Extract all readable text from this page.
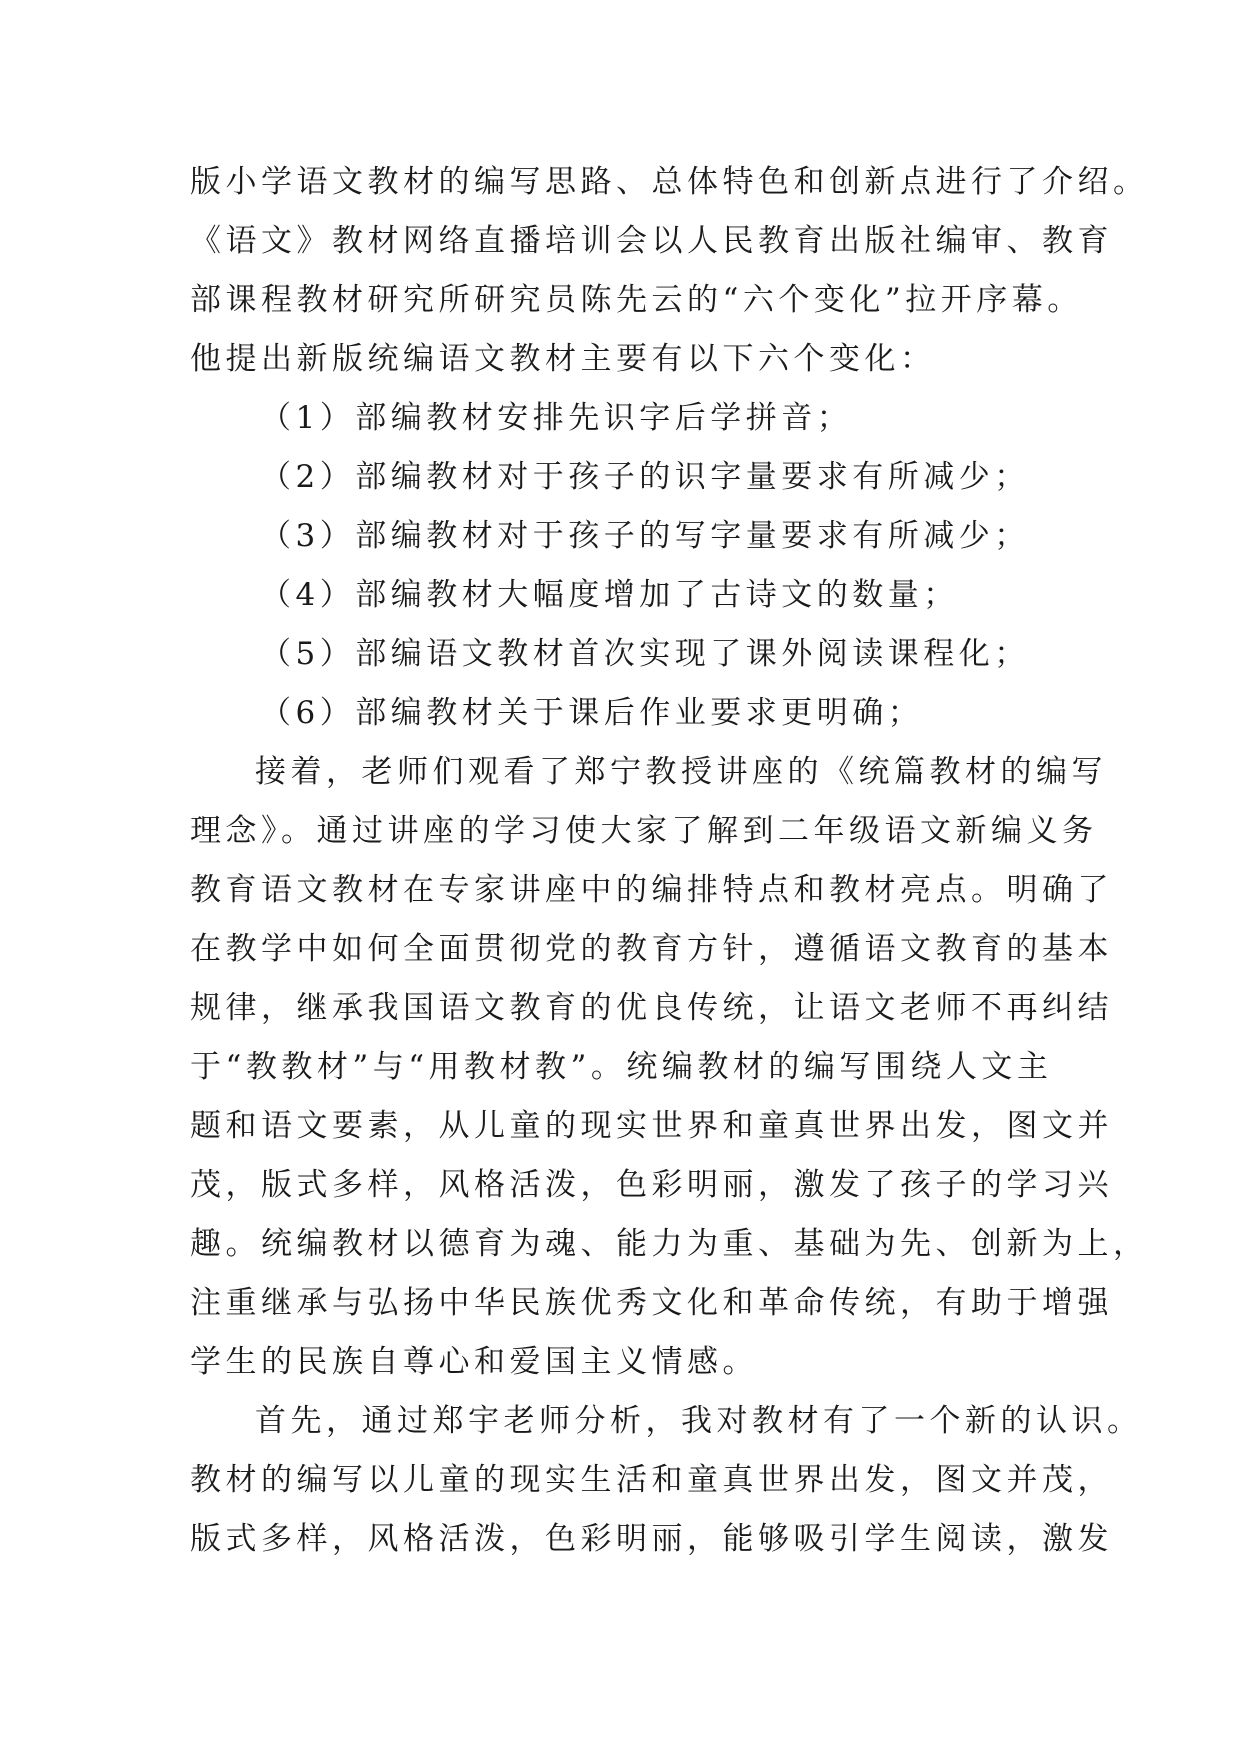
版小学语文教材的编写思路、总体特色和创新点进行了介绍。
《语文》教材网络直播培训会以人民教育出版社编审、教育
部课程教材研究所研究员陈先云的“六个变化”拉开序幕。
他提出新版统编语文教材主要有以下六个变化：
（1）部编教材安排先识字后学拼音；
（2）部编教材对于孩子的识字量要求有所减少；
（3）部编教材对于孩子的写字量要求有所减少；
（4）部编教材大幅度增加了古诗文的数量；
（5）部编语文教材首次实现了课外阅读课程化；
（6）部编教材关于课后作业要求更明确；
接着，老师们观看了郑宁教授讲座的《统篇教材的编写
理念》。通过讲座的学习使大家了解到二年级语文新编义务
教育语文教材在专家讲座中的编排特点和教材亮点。明确了
在教学中如何全面贯彻党的教育方针，遵循语文教育的基本
规律，继承我国语文教育的优良传统，让语文老师不再纠结
于“教教材”与“用教材教”。统编教材的编写围绕人文主
题和语文要素，从儿童的现实世界和童真世界出发，图文并
茂，版式多样，风格活泼，色彩明丽，激发了孩子的学习兴
趣。统编教材以德育为魂、能力为重、基础为先、创新为上，
注重继承与弘扬中华民族优秀文化和革命传统，有助于增强
学生的民族自尊心和爱国主义情感。
首先，通过郑宇老师分析，我对教材有了一个新的认识。
教材的编写以儿童的现实生活和童真世界出发，图文并茂，
版式多样，风格活泼，色彩明丽，能够吸引学生阅读，激发
